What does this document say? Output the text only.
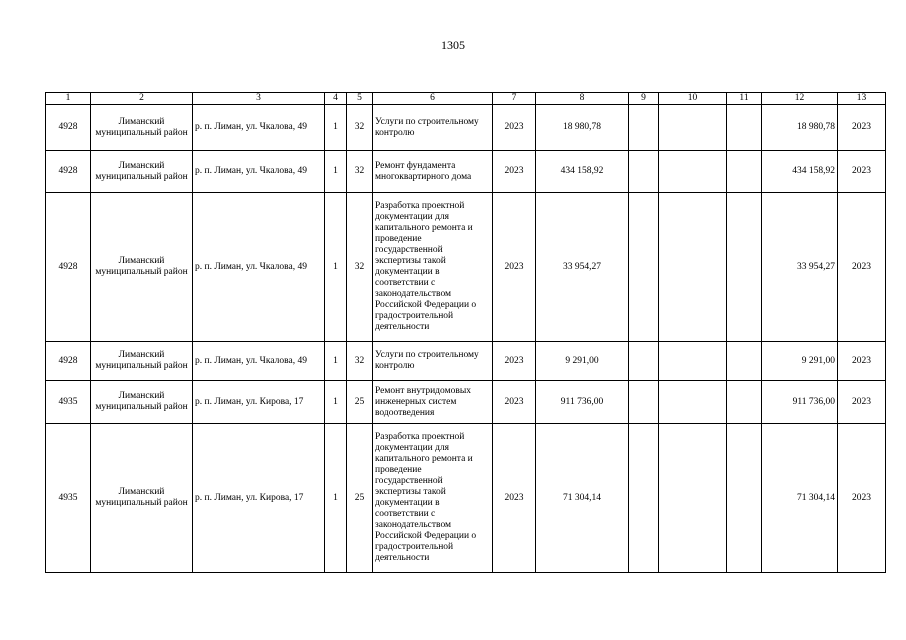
1305
1	2	3	4	5	6	7	8	9	10	11	12	13
4928	Лиманский муниципальный район	р. п. Лиман, ул. Чкалова, 49	1	32	Услуги по строительному контролю	2023	18 980,78				18 980,78	2023
4928	Лиманский муниципальный район	р. п. Лиман, ул. Чкалова, 49	1	32	Ремонт фундамента многоквартирного дома	2023	434 158,92				434 158,92	2023
4928	Лиманский муниципальный район	р. п. Лиман, ул. Чкалова, 49	1	32	Разработка проектной документации для капитального ремонта и проведение государственной экспертизы такой документации в соответствии с законодательством Российской Федерации о градостроительной деятельности	2023	33 954,27				33 954,27	2023
4928	Лиманский муниципальный район	р. п. Лиман, ул. Чкалова, 49	1	32	Услуги по строительному контролю	2023	9 291,00				9 291,00	2023
4935	Лиманский муниципальный район	р. п. Лиман, ул. Кирова, 17	1	25	Ремонт внутридомовых инженерных систем водоотведения	2023	911 736,00				911 736,00	2023
4935	Лиманский муниципальный район	р. п. Лиман, ул. Кирова, 17	1	25	Разработка проектной документации для капитального ремонта и проведение государственной экспертизы такой документации в соответствии с законодательством Российской Федерации о градостроительной деятельности	2023	71 304,14				71 304,14	2023
